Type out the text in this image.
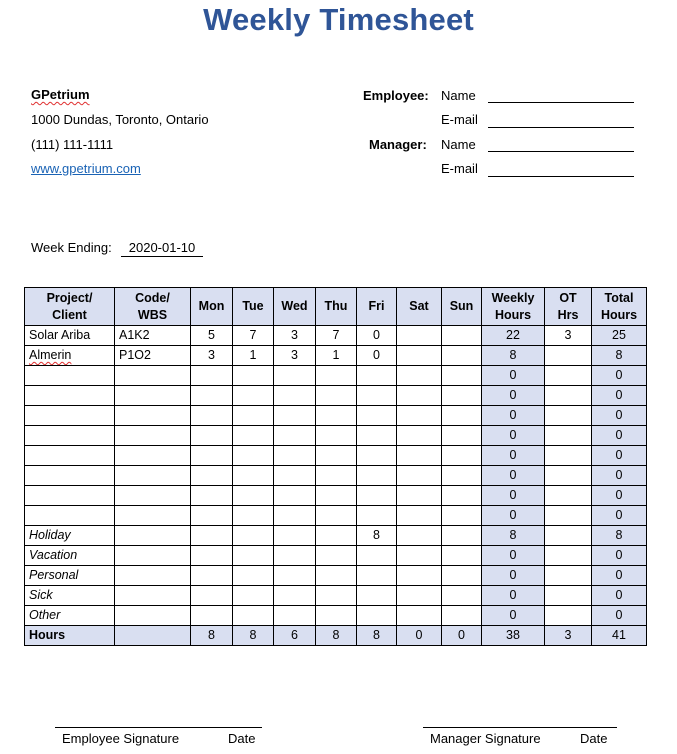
Weekly Timesheet
GPetrium
1000 Dundas, Toronto, Ontario
(111) 111-1111
www.gpetrium.com
Employee: Name
E-mail
Manager: Name
E-mail
Week Ending:	2020-01-10
Project/ Client	Code/ WBS	Mon	Tue	Wed	Thu	Fri	Sat	Sun	Weekly Hours	OT Hrs	Total Hours
Solar Ariba	A1K2	5	7	3	7	0			22	3	25
Almerin	P1O2	3	1	3	1	0			8		8
									0		0
									0		0
									0		0
									0		0
									0		0
									0		0
									0		0
									0		0
Holiday						8			8		8
Vacation									0		0
Personal									0		0
Sick									0		0
Other									0		0
Hours		8	8	6	8	8	0	0	38	3	41
Employee Signature	Date	Manager Signature	Date
